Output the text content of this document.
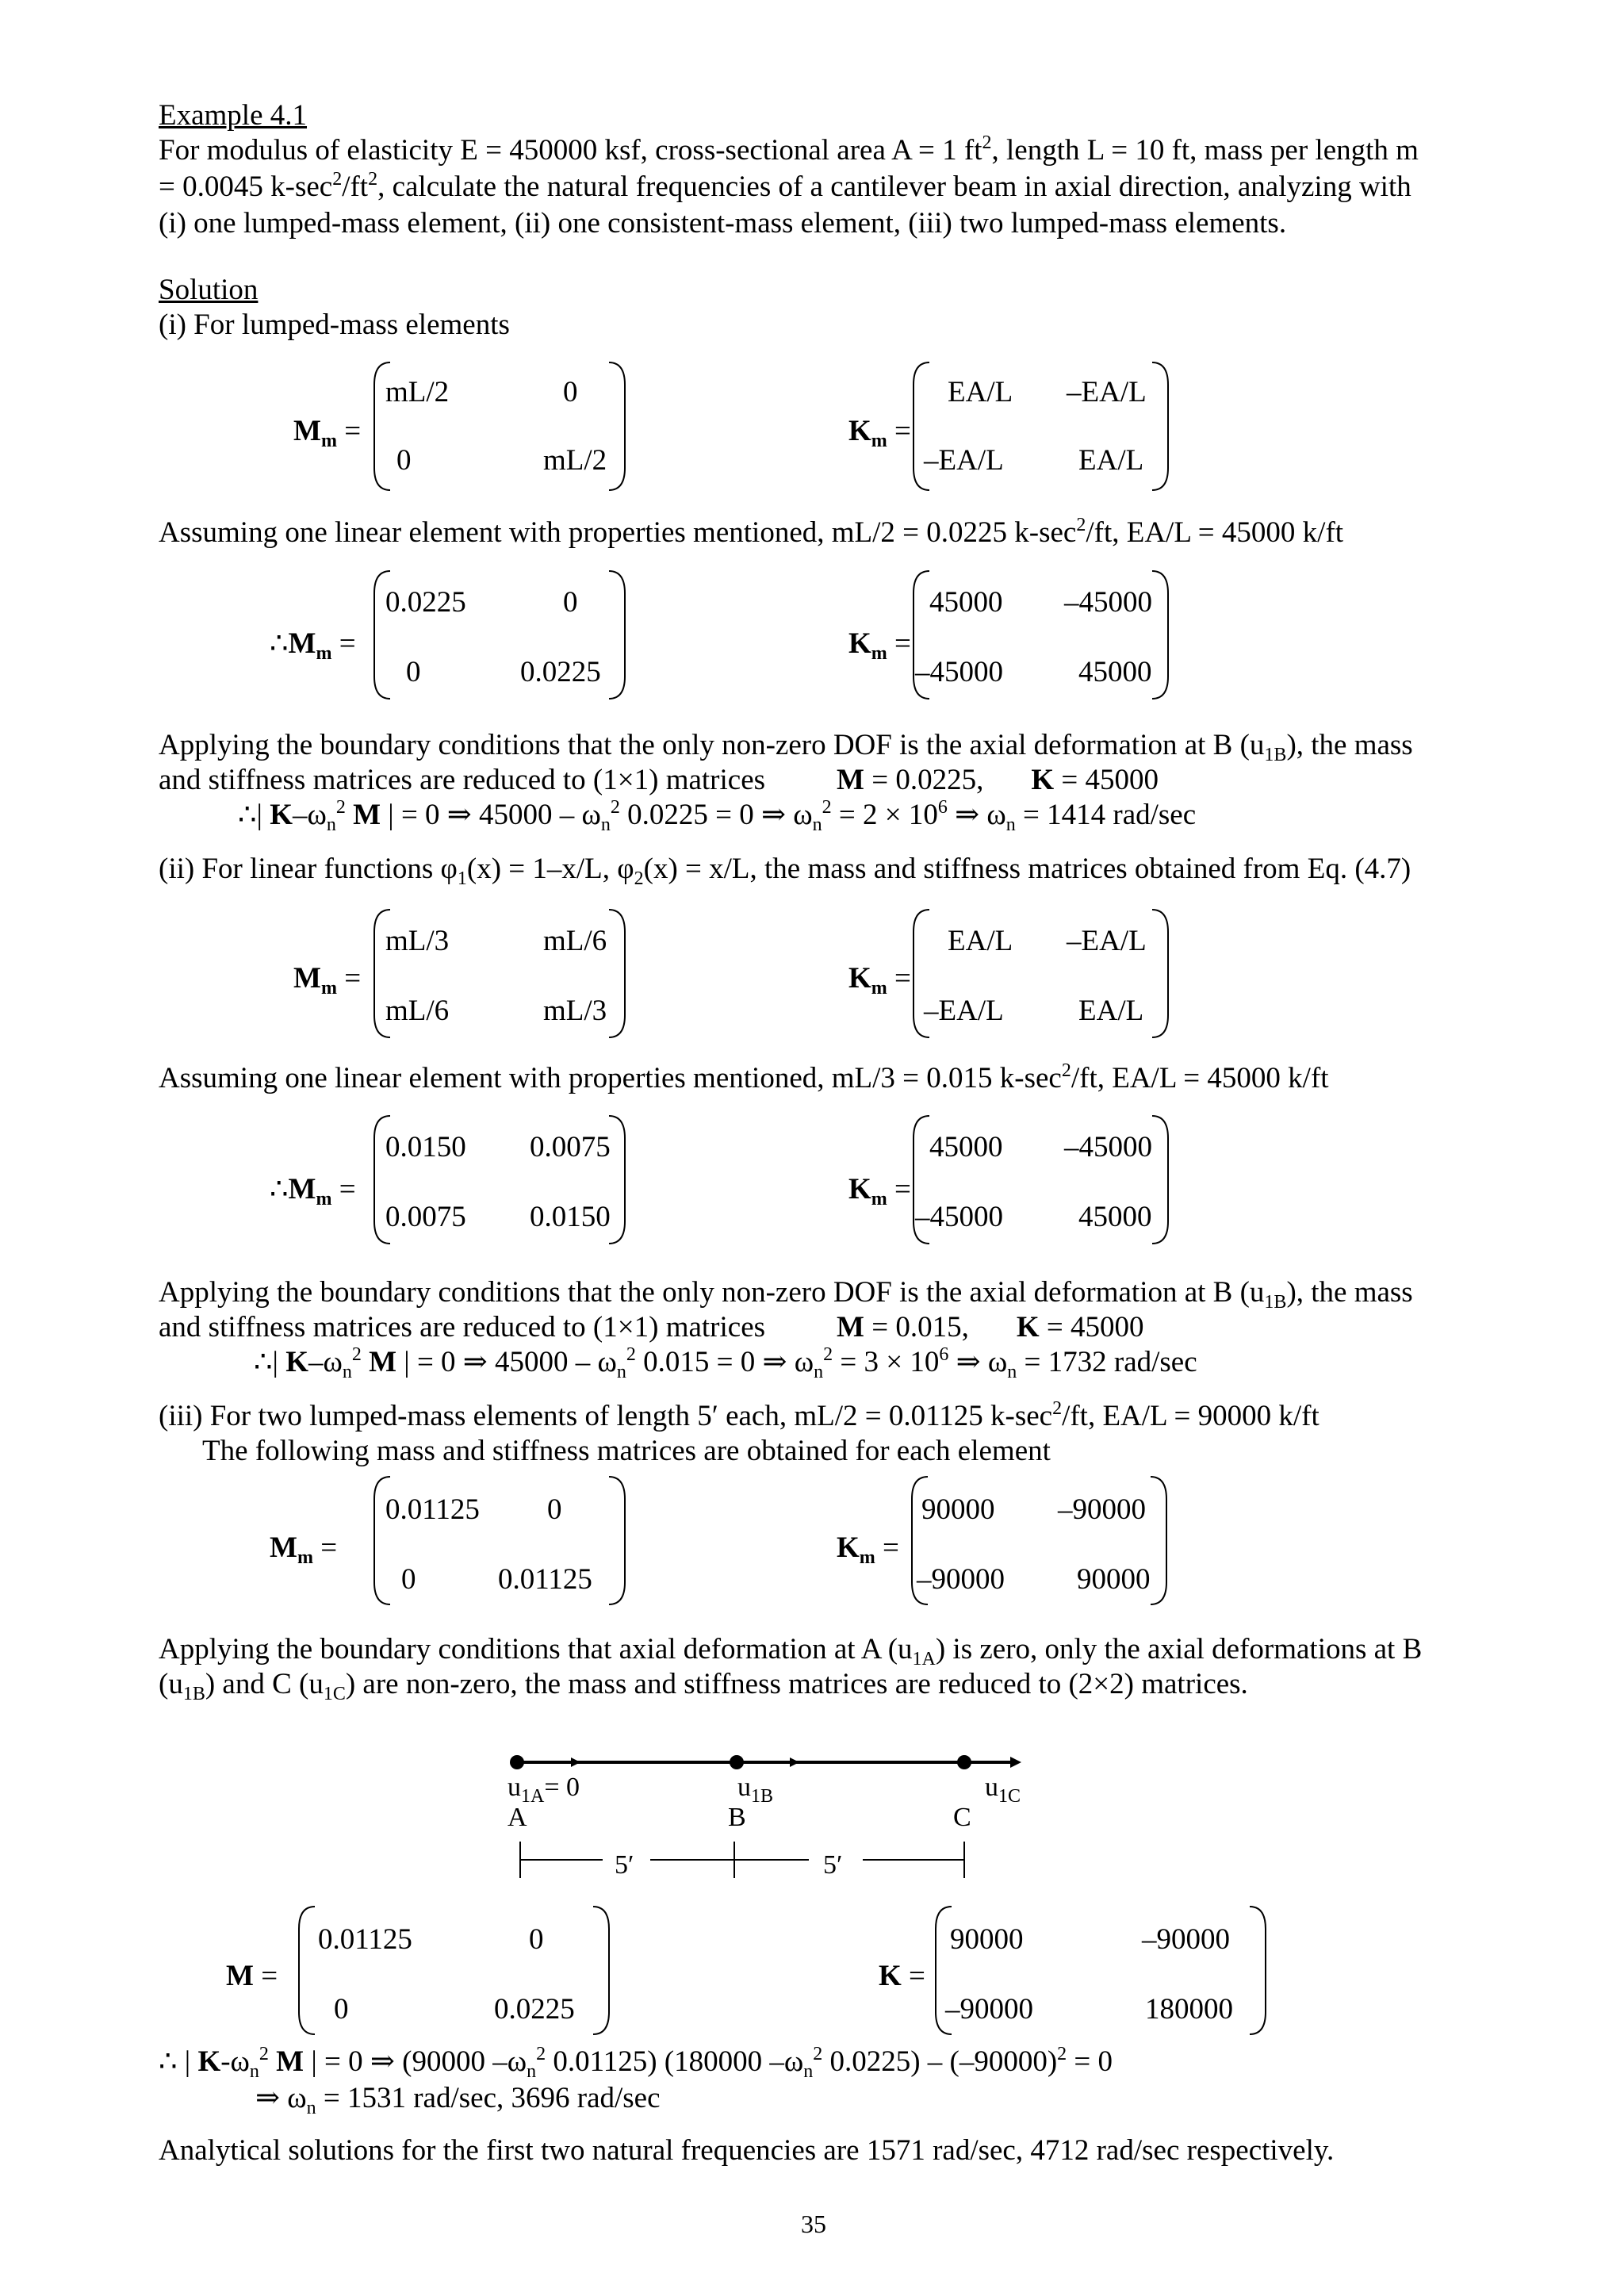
Example 4.1
For modulus of elasticity E = 450000 ksf, cross-sectional area A = 1 $ft^2$, length L = 10 ft, mass per length m
= 0.0045 $k-\sec^2/ft^2$, calculate the natural frequencies of a cantilever beam in axial direction, analyzing with
(i) one lumped-mass element, (ii) one consistent-mass element, (iii) two lumped-mass elements.
Solution
(i) For lumped-mass elements
$M_m$ =
mL/2	0
0	mL/2
$K_m$ =
EA/L –EA/L
–EA/L	EA/L
Assuming one linear element with properties mentioned, mL/2 = 0.0225 $k-\sec^2/ft$, EA/L = 45000 k/ft
$\therefore M_m$ =
0.0225	0
0	0.0225
$K_m$ =
45000 –45000
–45000	45000
Applying the boundary conditions that the only non-zero DOF is the axial deformation at B $(u_{1B})$, the mass
and stiffness matrices are reduced to (1×1) matrices M = 0.0225, K = 45000
∴| $K-\omega_n^2$ M | = 0 ⇒ $45000 - \omega_n^2$ 0.0225 = 0 ⇒ $\omega_n^2 = 2 \times 10^6$ ⇒ $\omega_n = 1414$ rad/sec
(ii) For linear functions $\varphi_1(x) = 1-x/L$, $\varphi_2(x) = x/L$, the mass and stiffness matrices obtained from Eq. (4.7)
$M_m$ =
mL/3	mL/6
mL/6	mL/3
$K_m$ =
EA/L –EA/L
–EA/L	EA/L
Assuming one linear element with properties mentioned, mL/3 = 0.015 $k-\sec^2/ft$, EA/L = 45000 k/ft
$\therefore M_m$ =
0.0150 0.0075
0.0075 0.0150
$K_m$ =
45000 –45000
–45000	45000
Applying the boundary conditions that the only non-zero DOF is the axial deformation at B $(u_{1B})$, the mass
and stiffness matrices are reduced to (1×1) matrices M = 0.015, K = 45000
∴| $K-\omega_n^2$ M | = 0 ⇒ $45000 - \omega_n^2$ 0.015 = 0 ⇒ $\omega_n^2 = 3 \times 10^6$ ⇒ $\omega_n = 1732$ rad/sec
(iii) For two lumped-mass elements of length 5′ each, mL/2 = 0.01125 $k-\sec^2/ft$, EA/L = 90000 k/ft
The following mass and stiffness matrices are obtained for each element
$M_m$ =
0.01125 0
0	0.01125
$K_m$ =
90000 –90000
–90000 90000
Applying the boundary conditions that axial deformation at A $(u_{1A})$ is zero, only the axial deformations at B
$(u_{1B})$ and C $(u_{1C})$ are non-zero, the mass and stiffness matrices are reduced to (2×2) matrices.
$u_{1A}= 0$	$u_{1B}$	$u_{1C}$
A	B	C
5′	5′
M =
0.01125	0
0	0.0225
K =
90000	–90000
–90000	180000
∴ | $K-\omega_n^2$ M | = 0 ⇒ (90000 $-\omega_n^2$ 0.01125) (180000 $-\omega_n^2$ $0.0225) - (-90000)^2 = 0$
⇒ $\omega_n = 1531$ rad/sec, 3696 rad/sec
Analytical solutions for the first two natural frequencies are 1571 rad/sec, 4712 rad/sec respectively.
35
